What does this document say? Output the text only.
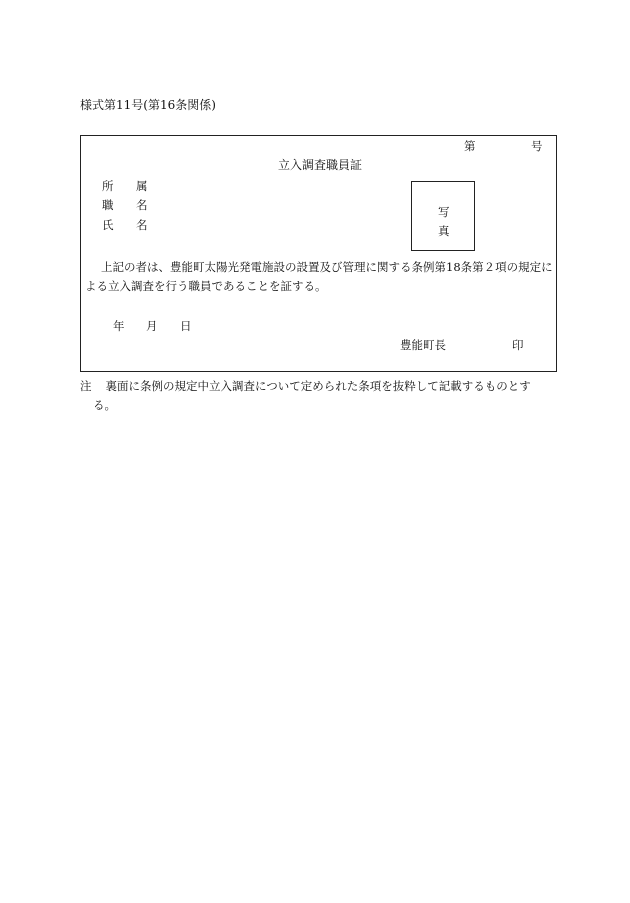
様式第11号(第16条関係)
第	号
立入調査職員証
所 属
職 名
氏 名
写
真
上記の者は、豊能町太陽光発電施設の設置及び管理に関する条例第18条第２項の規定に
よる立入調査を行う職員であることを証する。
年 月 日
豊能町長	印
注 裏面に条例の規定中立入調査について定められた条項を抜粋して記載するものとす
る。
